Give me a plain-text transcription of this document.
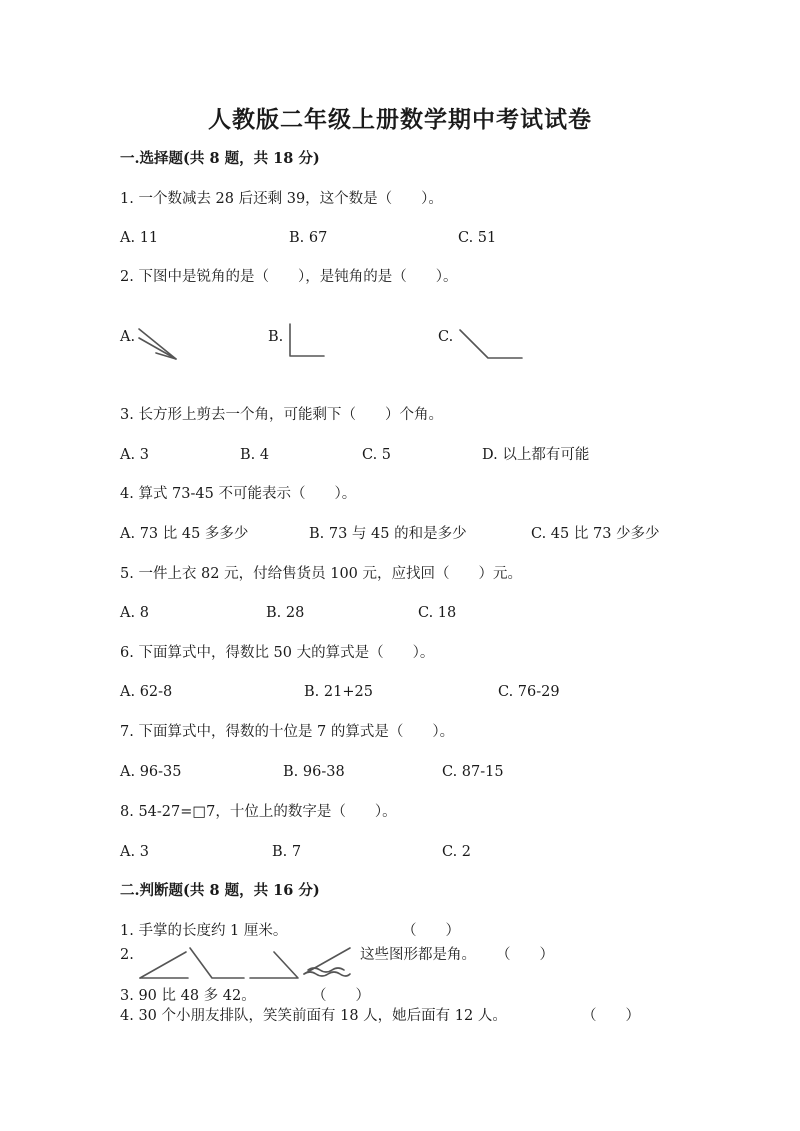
人教版二年级上册数学期中考试试卷
一.选择题(共 8 题，共 18 分)
1. 一个数减去 28 后还剩 39，这个数是（　　）。
A. 11	B. 67	C. 51
2. 下图中是锐角的是（　　），是钝角的是（　　）。
A.	B.	C.
3. 长方形上剪去一个角，可能剩下（　　）个角。
A. 3	B. 4	C. 5	D. 以上都有可能
4. 算式 73-45 不可能表示（　　）。
A. 73 比 45 多多少	B. 73 与 45 的和是多少	C. 45 比 73 少多少
5. 一件上衣 82 元，付给售货员 100 元，应找回（　　）元。
A. 8	B. 28	C. 18
6. 下面算式中，得数比 50 大的算式是（　　）。
A. 62-8	B. 21+25	C. 76-29
7. 下面算式中，得数的十位是 7 的算式是（　　）。
A. 96-35	B. 96-38	C. 87-15
8. 54-27=□7，十位上的数字是（　　）。
A. 3	B. 7	C. 2
二.判断题(共 8 题，共 16 分)
1. 手掌的长度约 1 厘米。	（　　）
2.	这些图形都是角。 （　　）
3. 90 比 48 多 42。	（　　）
4. 30 个小朋友排队，笑笑前面有 18 人，她后面有 12 人。	（　　）
